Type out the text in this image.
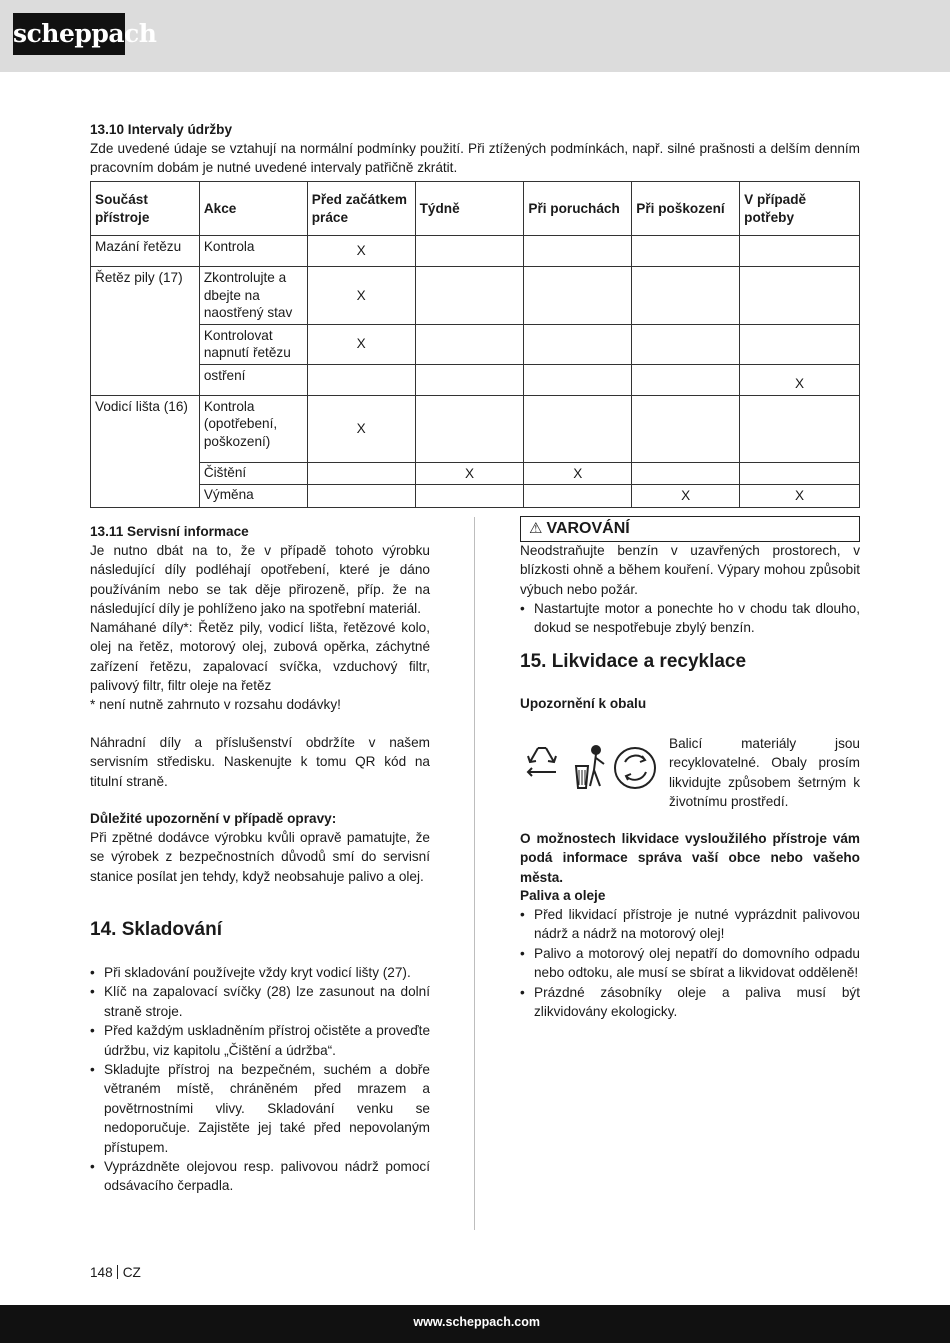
scheppach
13.10 Intervaly údržby
Zde uvedené údaje se vztahují na normální podmínky použití. Při ztížených podmínkách, např. silné prašnosti a delším denním pracovním dobám je nutné uvedené intervaly patřičně zkrátit.
Součást přístroje	Akce	Před začátkem práce	Týdně	Při poruchách	Při poškození	V případě potřeby
Mazání řetězu	Kontrola	X				
Řetěz pily (17)	Zkontrolujte a dbejte na naostřený stav	X				
	Kontrolovat napnutí řetězu	X				
	ostření					X
Vodicí lišta (16)	Kontrola (opotřebení, poškození)	X				
	Čištění		X	X		
	Výměna				X	X
13.11 Servisní informace
Je nutno dbát na to, že v případě tohoto výrobku následující díly podléhají opotřebení, které je dáno používáním nebo se tak děje přirozeně, příp. že na následující díly je pohlíženo jako na spotřební materiál.
Namáhané díly*: Řetěz pily, vodicí lišta, řetězové kolo, olej na řetěz, motorový olej, zubová opěrka, záchytné zařízení řetězu, zapalovací svíčka, vzduchový filtr, palivový filtr, filtr oleje na řetěz
* není nutně zahrnuto v rozsahu dodávky!
Náhradní díly a příslušenství obdržíte v našem servisním středisku. Naskenujte k tomu QR kód na titulní straně.
Důležité upozornění v případě opravy:
Při zpětné dodávce výrobku kvůli opravě pamatujte, že se výrobek z bezpečnostních důvodů smí do servisní stanice posílat jen tehdy, když neobsahuje palivo a olej.
14. Skladování
• Při skladování používejte vždy kryt vodicí lišty (27).
• Klíč na zapalovací svíčky (28) lze zasunout na dolní straně stroje.
• Před každým uskladněním přístroj očistěte a proveďte údržbu, viz kapitolu „Čištění a údržba“.
• Skladujte přístroj na bezpečném, suchém a dobře větraném místě, chráněném před mrazem a povětrnostními vlivy. Skladování venku se nedoporučuje. Zajistěte jej také před nepovolaným přístupem.
• Vyprázdněte olejovou resp. palivovou nádrž pomocí odsávacího čerpadla.
⚠ VAROVÁNÍ
Neodstraňujte benzín v uzavřených prostorech, v blízkosti ohně a během kouření. Výpary mohou způsobit výbuch nebo požár.
• Nastartujte motor a ponechte ho v chodu tak dlouho, dokud se nespotřebuje zbylý benzín.
15. Likvidace a recyklace
Upozornění k obalu
Balicí materiály jsou recyklovatelné. Obaly prosím likvidujte způsobem šetrným k životnímu prostředí.
O možnostech likvidace vysloužilého přístroje vám podá informace správa vaší obce nebo vašeho města.
Paliva a oleje
• Před likvidací přístroje je nutné vyprázdnit palivovou nádrž a nádrž na motorový olej!
• Palivo a motorový olej nepatří do domovního odpadu nebo odtoku, ale musí se sbírat a likvidovat odděleně!
• Prázdné zásobníky oleje a paliva musí být zlikvidovány ekologicky.
148 CZ
www.scheppach.com
